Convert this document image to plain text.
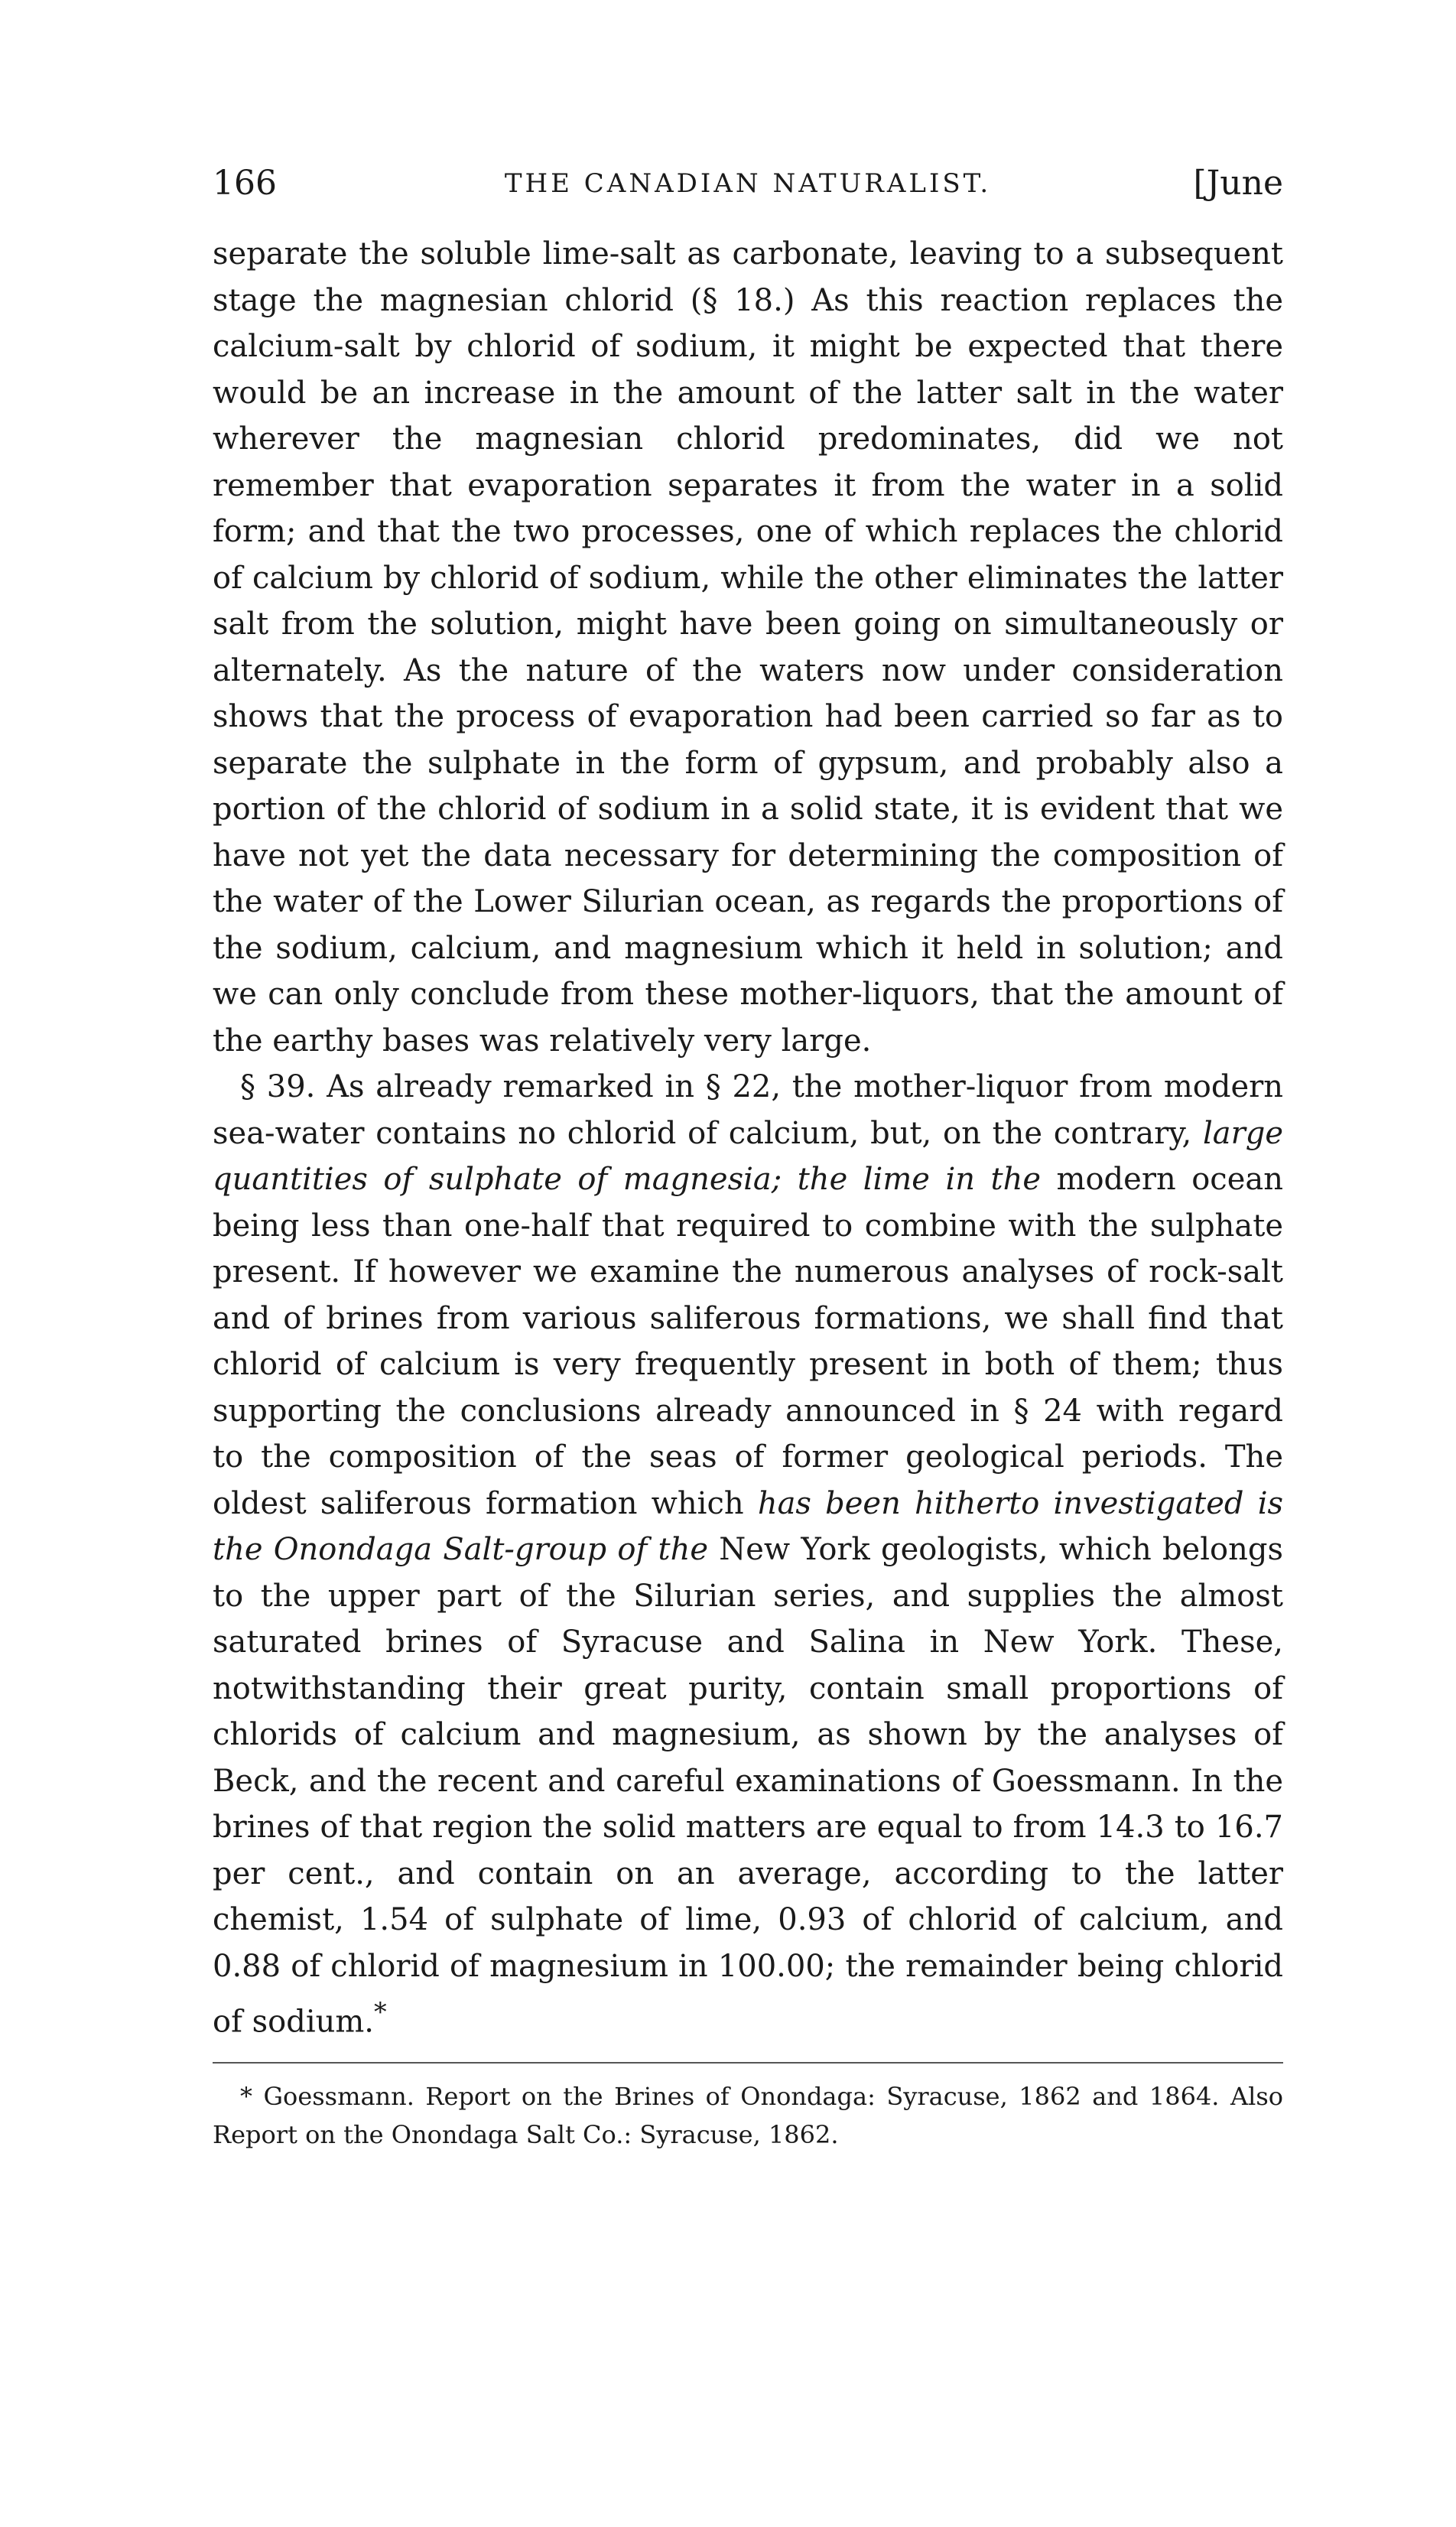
166	THE CANADIAN NATURALIST.	[June

separate the soluble lime-salt as carbonate, leaving to a subsequent stage the magnesian chlorid (§ 18.) As this reaction replaces the calcium-salt by chlorid of sodium, it might be expected that there would be an increase in the amount of the latter salt in the water wherever the magnesian chlorid predominates, did we not remember that evaporation separates it from the water in a solid form; and that the two processes, one of which replaces the chlorid of calcium by chlorid of sodium, while the other eliminates the latter salt from the solution, might have been going on simultaneously or alternately. As the nature of the waters now under consideration shows that the process of evaporation had been carried so far as to separate the sulphate in the form of gypsum, and probably also a portion of the chlorid of sodium in a solid state, it is evident that we have not yet the data necessary for determining the composition of the water of the Lower Silurian ocean, as regards the proportions of the sodium, calcium, and magnesium which it held in solution; and we can only conclude from these mother-liquors, that the amount of the earthy bases was relatively very large.

§ 39. As already remarked in § 22, the mother-liquor from modern sea-water contains no chlorid of calcium, but, on the contrary, large quantities of sulphate of magnesia; the lime in the modern ocean being less than one-half that required to combine with the sulphate present. If however we examine the numerous analyses of rock-salt and of brines from various saliferous formations, we shall find that chlorid of calcium is very frequently present in both of them; thus supporting the conclusions already announced in § 24 with regard to the composition of the seas of former geological periods. The oldest saliferous formation which has been hitherto investigated is the Onondaga Salt-group of the New York geologists, which belongs to the upper part of the Silurian series, and supplies the almost saturated brines of Syracuse and Salina in New York. These, notwithstanding their great purity, contain small proportions of chlorids of calcium and magnesium, as shown by the analyses of Beck, and the recent and careful examinations of Goessmann. In the brines of that region the solid matters are equal to from 14.3 to 16.7 per cent., and contain on an average, according to the latter chemist, 1.54 of sulphate of lime, 0.93 of chlorid of calcium, and 0.88 of chlorid of magnesium in 100.00; the remainder being chlorid of sodium.*

* Goessmann. Report on the Brines of Onondaga: Syracuse, 1862 and 1864. Also Report on the Onondaga Salt Co.: Syracuse, 1862.
